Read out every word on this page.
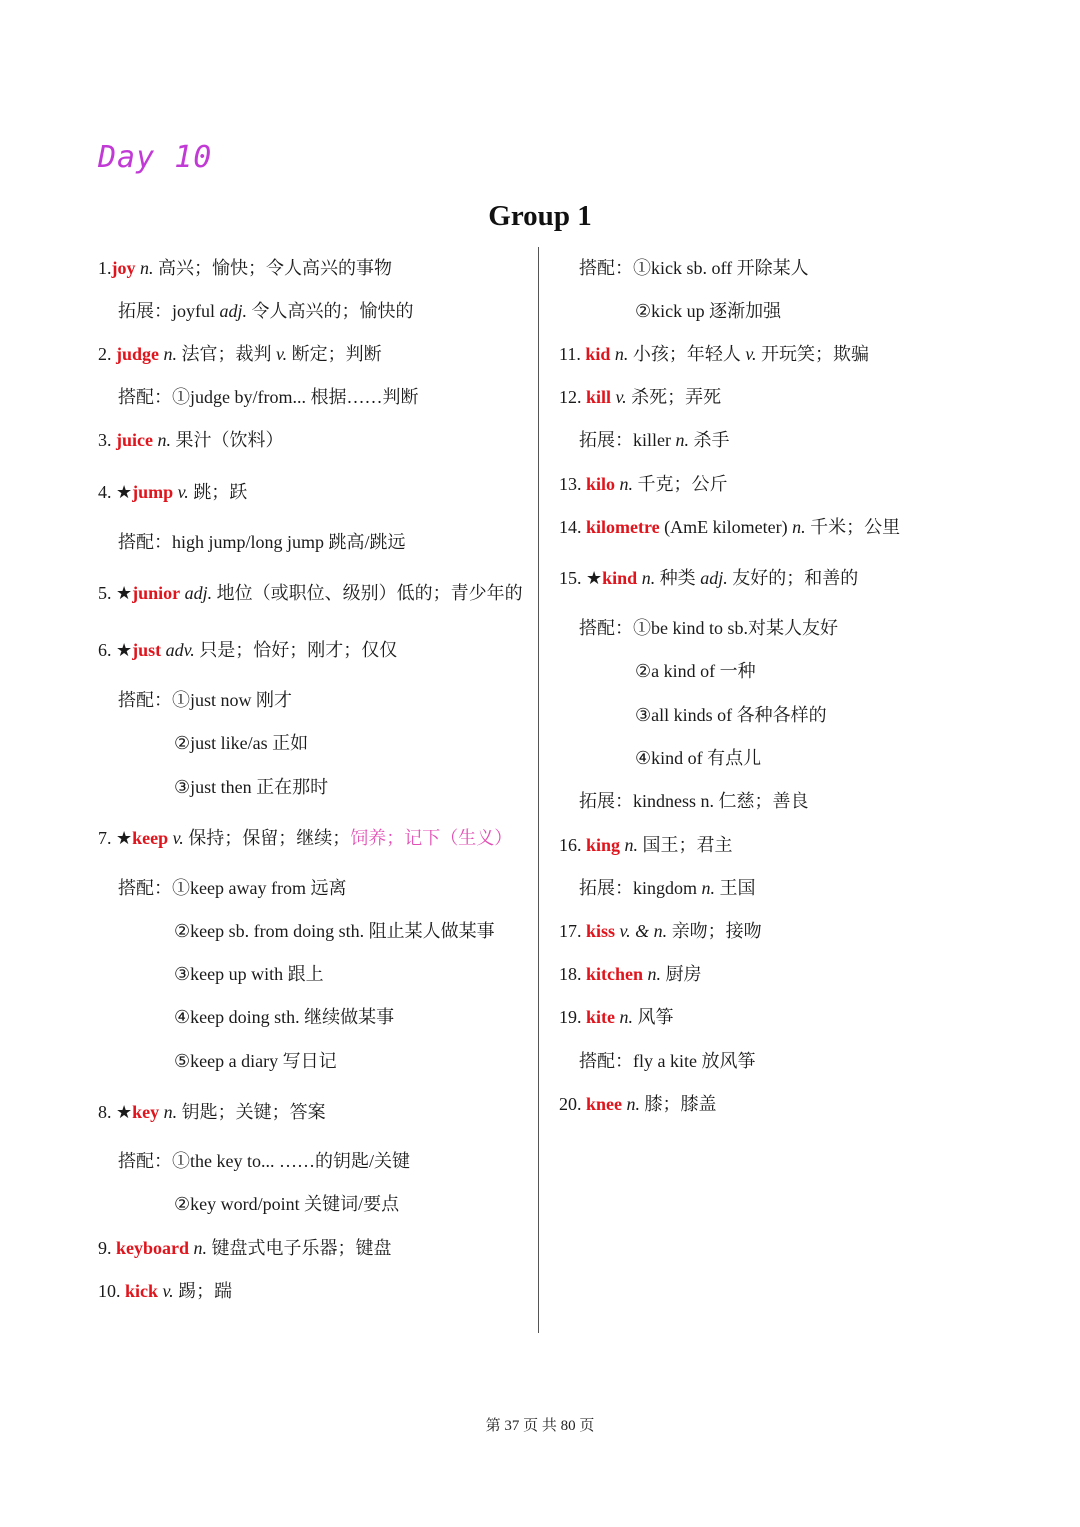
Day 10
Group 1
1.joy n. 高兴；愉快；令人高兴的事物
拓展：joyful adj. 令人高兴的；愉快的
2. judge n. 法官；裁判 v. 断定；判断
搭配：①judge by/from... 根据……判断
3. juice n. 果汁（饮料）
4. ★jump v. 跳；跃
搭配：high jump/long jump 跳高/跳远
5. ★junior adj. 地位（或职位、级别）低的；青少年的
6. ★just adv. 只是；恰好；刚才；仅仅
搭配：①just now 刚才
②just like/as 正如
③just then 正在那时
7. ★keep v. 保持；保留；继续；饲养；记下（生义）
搭配：①keep away from 远离
②keep sb. from doing sth. 阻止某人做某事
③keep up with 跟上
④keep doing sth. 继续做某事
⑤keep a diary 写日记
8. ★key n. 钥匙；关键；答案
搭配：①the key to... ……的钥匙/关键
②key word/point 关键词/要点
9. keyboard n. 键盘式电子乐器；键盘
10. kick v. 踢；踹
搭配：①kick sb. off 开除某人
②kick up 逐渐加强
11. kid n. 小孩；年轻人 v. 开玩笑；欺骗
12. kill v. 杀死；弄死
拓展：killer n. 杀手
13. kilo n. 千克；公斤
14. kilometre (AmE kilometer) n. 千米；公里
15. ★kind n. 种类 adj. 友好的；和善的
搭配：①be kind to sb.对某人友好
②a kind of 一种
③all kinds of 各种各样的
④kind of 有点儿
拓展：kindness n. 仁慈；善良
16. king n. 国王；君主
拓展：kingdom n. 王国
17. kiss v. & n. 亲吻；接吻
18. kitchen n. 厨房
19. kite n. 风筝
搭配：fly a kite 放风筝
20. knee n. 膝；膝盖
第 37 页 共 80 页
